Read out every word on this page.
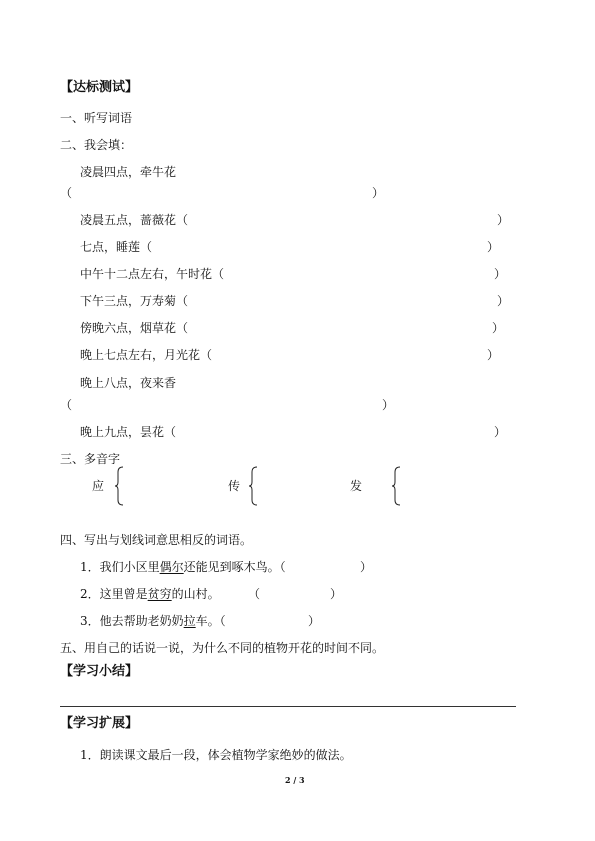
【达标测试】
一、听写词语
二、我会填：
凌晨四点，牵牛花
（	）
凌晨五点，蔷薇花（	）
七点，睡莲（	）
中午十二点左右，午时花（	）
下午三点，万寿菊（	）
傍晚六点，烟草花（	）
晚上七点左右，月光花（	）
晚上八点，夜来香
（	）
晚上九点，昙花（	）
三、多音字
应	传	发
四、写出与划线词意思相反的词语。
1．我们小区里偶尔还能见到啄木鸟。（	）
2．这里曾是贫穷的山村。 （	）
3．他去帮助老奶奶拉车。（	）
五、用自己的话说一说，为什么不同的植物开花的时间不同。
【学习小结】
【学习扩展】
1．朗读课文最后一段，体会植物学家绝妙的做法。
2 / 3
